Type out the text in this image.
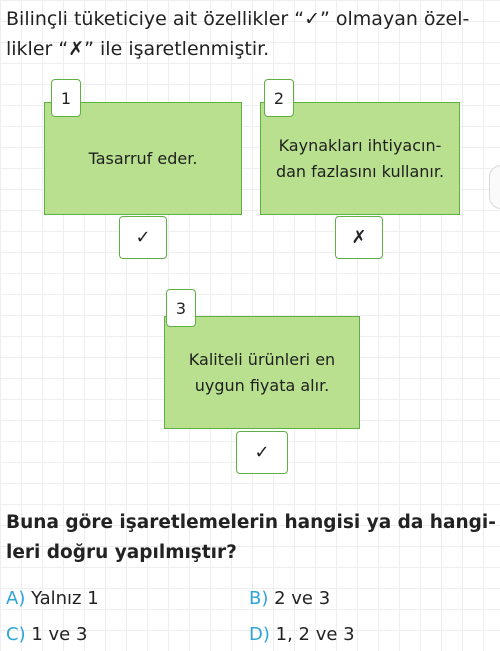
Bilinçli tüketiciye ait özellikler “✓” olmayan özel-
likler “✗” ile işaretlenmiştir.

Tasarruf eder.
1
✓
Kaynakları ihtiyacın-
dan fazlasını kullanır.
2
✗
Kaliteli ürünleri en
uygun fiyata alır.
3
✓

Buna göre işaretlemelerin hangisi ya da hangi-
leri doğru yapılmıştır?

A) Yalnız 1	B) 2 ve 3
C) 1 ve 3	D) 1, 2 ve 3
